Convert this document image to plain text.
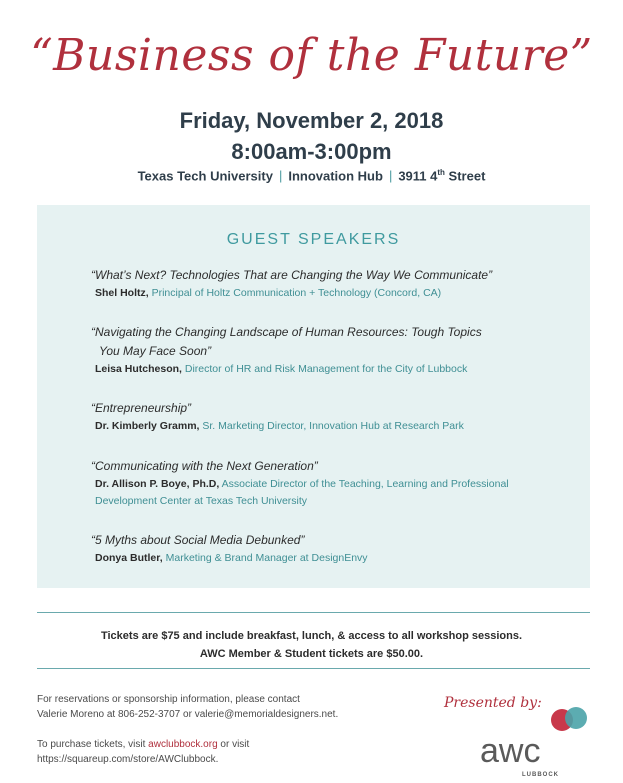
“Business of the Future”
Friday, November 2, 2018
8:00am-3:00pm
Texas Tech University | Innovation Hub | 3911 4th Street
GUEST SPEAKERS
“What’s Next? Technologies That are Changing the Way We Communicate”
Shel Holtz, Principal of Holtz Communication + Technology (Concord, CA)
“Navigating the Changing Landscape of Human Resources: Tough Topics
You May Face Soon”
Leisa Hutcheson, Director of HR and Risk Management for the City of Lubbock
“Entrepreneurship”
Dr. Kimberly Gramm, Sr. Marketing Director, Innovation Hub at Research Park
“Communicating with the Next Generation”
Dr. Allison P. Boye, Ph.D, Associate Director of the Teaching, Learning and Professional
Development Center at Texas Tech University
“5 Myths about Social Media Debunked”
Donya Butler, Marketing & Brand Manager at DesignEnvy
Tickets are $75 and include breakfast, lunch, & access to all workshop sessions.
AWC Member & Student tickets are $50.00.
For reservations or sponsorship information, please contact
Valerie Moreno at 806-252-3707 or valerie@memorialdesigners.net.
To purchase tickets, visit awclubbock.org or visit
https://squareup.com/store/AWClubbock.
Presented by:
awc
LUBBOCK
